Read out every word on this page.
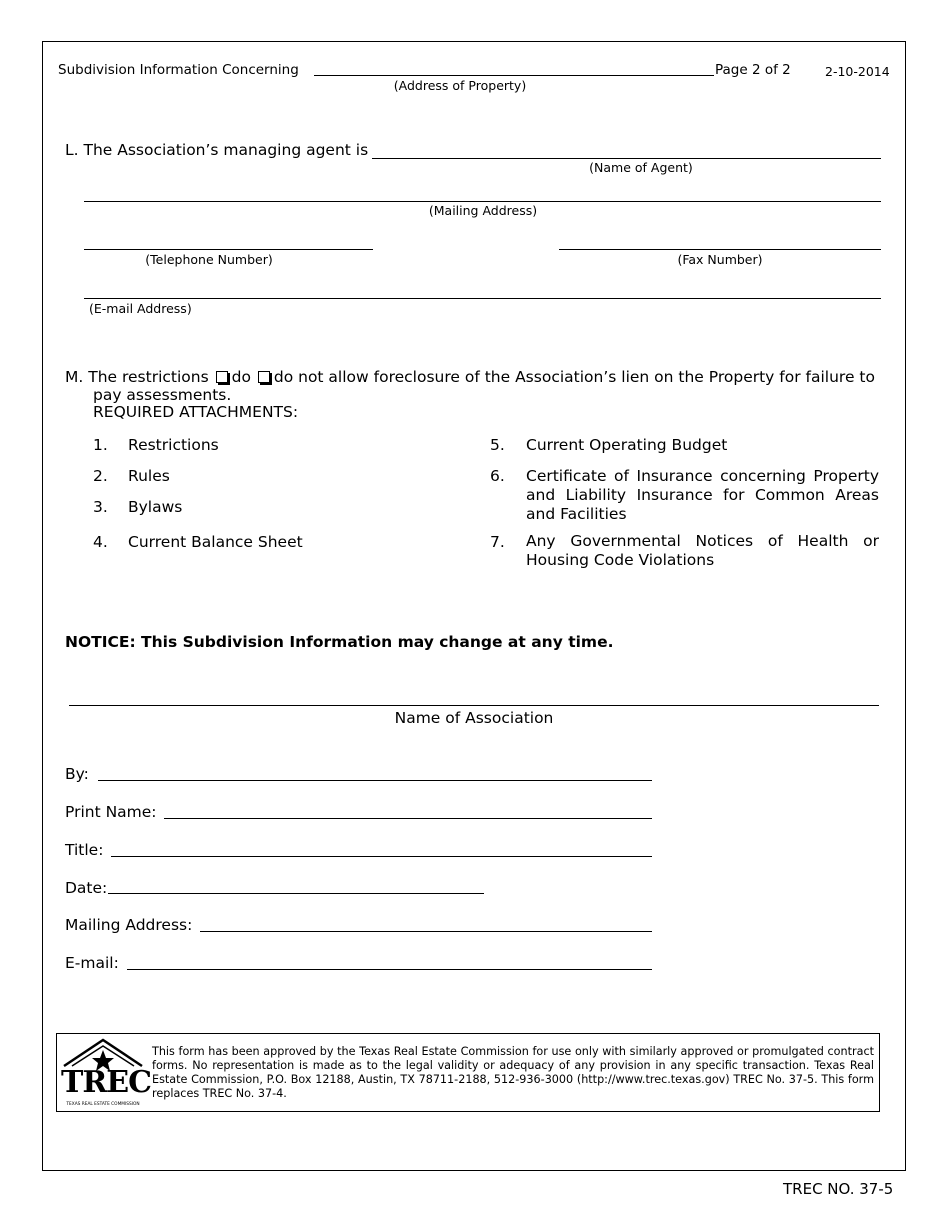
Subdivision Information Concerning
(Address of Property)
Page 2 of 2	2-10-2014
L. The Association’s managing agent is
(Name of Agent)
(Mailing Address)
(Telephone Number)	(Fax Number)
(E-mail Address)
M. The restrictions do do not allow foreclosure of the Association’s lien on the Property for failure to
pay assessments.
REQUIRED ATTACHMENTS:
1. Restrictions
2. Rules
3. Bylaws
4. Current Balance Sheet
5. Current Operating Budget
6. Certificate of Insurance concerning Property and Liability Insurance for Common Areas and Facilities
7. Any Governmental Notices of Health or Housing Code Violations
NOTICE: This Subdivision Information may change at any time.
Name of Association
By:
Print Name:
Title:
Date:
Mailing Address:
E-mail:
TREC
TEXAS REAL ESTATE COMMISSION
This form has been approved by the Texas Real Estate Commission for use only with similarly approved or promulgated contract forms. No representation is made as to the legal validity or adequacy of any provision in any specific transaction. Texas Real Estate Commission, P.O. Box 12188, Austin, TX 78711-2188, 512-936-3000 (http://www.trec.texas.gov) TREC No. 37-5. This form replaces TREC No. 37-4.
TREC NO. 37-5
